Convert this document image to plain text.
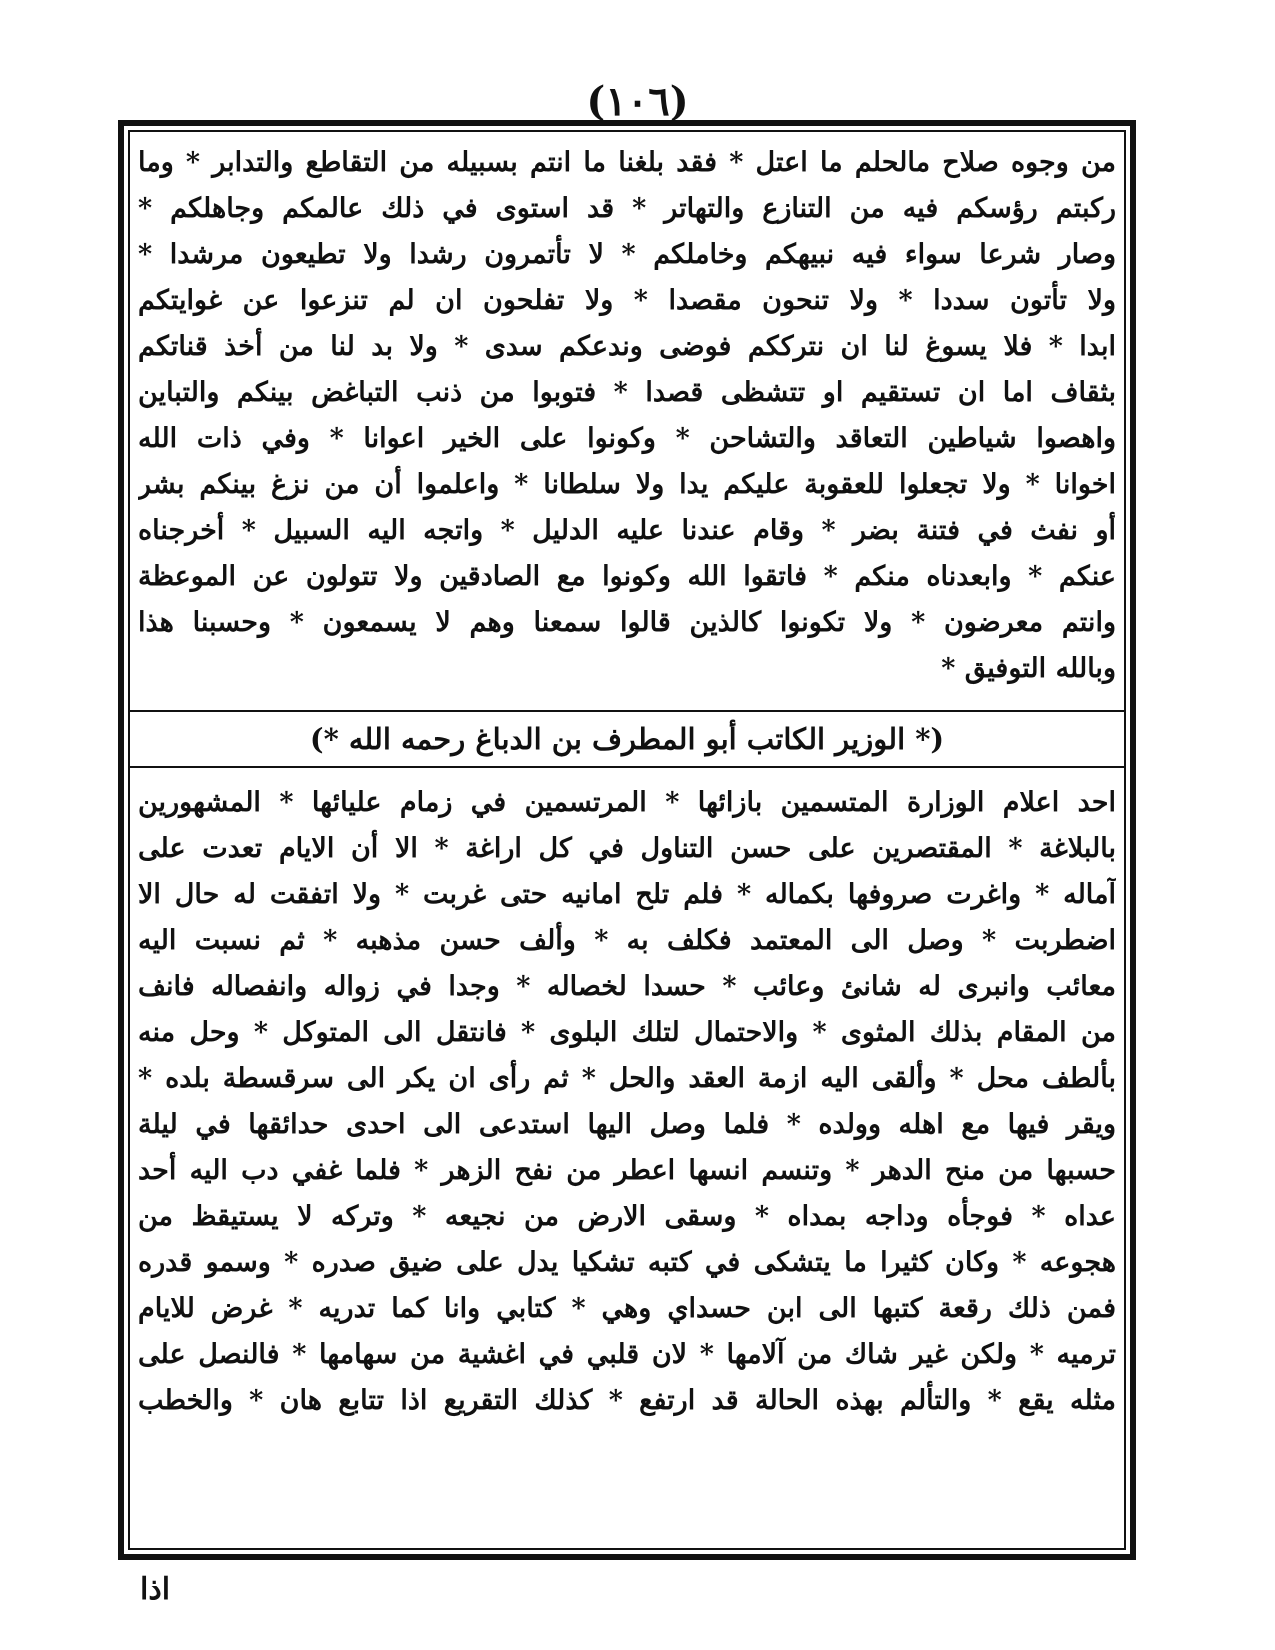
(١٠٦)
من وجوه صلاح مالحلم ما اعتل * فقد بلغنا ما انتم بسبيله من التقاطع والتدابر * وما
ركبتم رؤسكم فيه من التنازع والتهاتر * قد استوى في ذلك عالمكم وجاهلكم *
وصار شرعا سواء فيه نبيهكم وخاملكم * لا تأتمرون رشدا ولا تطيعون مرشدا *
ولا تأتون سددا * ولا تنحون مقصدا * ولا تفلحون ان لم تنزعوا عن غوايتكم
ابدا * فلا يسوغ لنا ان نترككم فوضى وندعكم سدى * ولا بد لنا من أخذ قناتكم
بثقاف اما ان تستقيم او تتشظى قصدا * فتوبوا من ذنب التباغض بينكم والتباين
واهصوا شياطين التعاقد والتشاحن * وكونوا على الخير اعوانا * وفي ذات الله
اخوانا * ولا تجعلوا للعقوبة عليكم يدا ولا سلطانا * واعلموا أن من نزغ بينكم بشر
أو نفث في فتنة بضر * وقام عندنا عليه الدليل * واتجه اليه السبيل * أخرجناه
عنكم * وابعدناه منكم * فاتقوا الله وكونوا مع الصادقين ولا تتولون عن الموعظة
وانتم معرضون * ولا تكونوا كالذين قالوا سمعنا وهم لا يسمعون * وحسبنا هذا
وبالله التوفيق *
(* الوزير الكاتب أبو المطرف بن الدباغ رحمه الله *)
احد اعلام الوزارة المتسمين بازائها * المرتسمين في زمام عليائها * المشهورين
بالبلاغة * المقتصرين على حسن التناول في كل اراغة * الا أن الايام تعدت على
آماله * واغرت صروفها بكماله * فلم تلح امانيه حتى غربت * ولا اتفقت له حال الا
اضطربت * وصل الى المعتمد فكلف به * وألف حسن مذهبه * ثم نسبت اليه
معائب وانبرى له شانئ وعائب * حسدا لخصاله * وجدا في زواله وانفصاله فانف
من المقام بذلك المثوى * والاحتمال لتلك البلوى * فانتقل الى المتوكل * وحل منه
بألطف محل * وألقى اليه ازمة العقد والحل * ثم رأى ان يكر الى سرقسطة بلده *
ويقر فيها مع اهله وولده * فلما وصل اليها استدعى الى احدى حدائقها في ليلة
حسبها من منح الدهر * وتنسم انسها اعطر من نفح الزهر * فلما غفي دب اليه أحد
عداه * فوجأه وداجه بمداه * وسقى الارض من نجيعه * وتركه لا يستيقظ من
هجوعه * وكان كثيرا ما يتشكى في كتبه تشكيا يدل على ضيق صدره * وسمو قدره
فمن ذلك رقعة كتبها الى ابن حسداي وهي * كتابي وانا كما تدريه * غرض للايام
ترميه * ولكن غير شاك من آلامها * لان قلبي في اغشية من سهامها * فالنصل على
مثله يقع * والتألم بهذه الحالة قد ارتفع * كذلك التقريع اذا تتابع هان * والخطب
اذا
